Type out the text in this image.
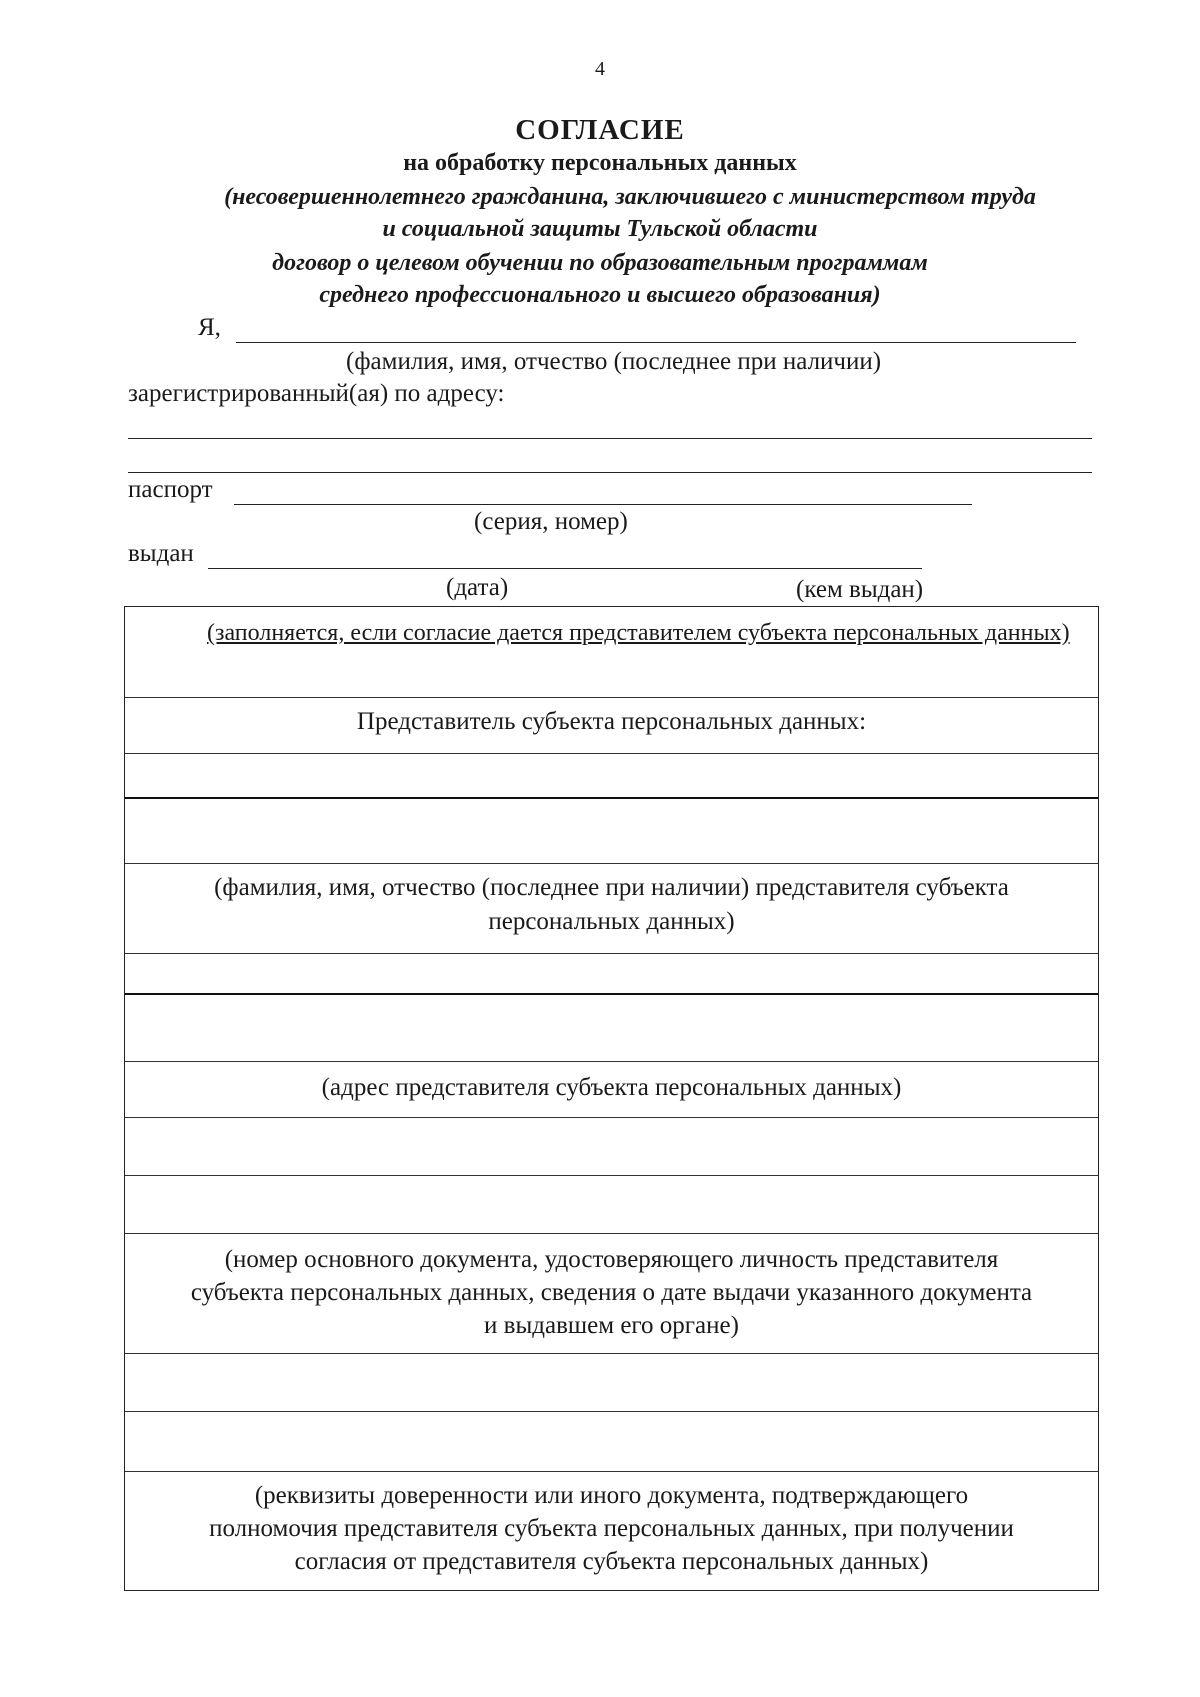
4
СОГЛАСИЕ
на обработку персональных данных
(несовершеннолетнего гражданина, заключившего с министерством труда
и социальной защиты Тульской области
договор о целевом обучении по образовательным программам
среднего профессионального и высшего образования)
Я,
(фамилия, имя, отчество (последнее при наличии)
зарегистрированный(ая) по адресу:
паспорт
(серия, номер)
выдан
(дата)	(кем выдан)
(заполняется, если согласие дается представителем субъекта персональных данных)
Представитель субъекта персональных данных:
(фамилия, имя, отчество (последнее при наличии) представителя субъекта
персональных данных)
(адрес представителя субъекта персональных данных)
(номер основного документа, удостоверяющего личность представителя
субъекта персональных данных, сведения о дате выдачи указанного документа
и выдавшем его органе)
(реквизиты доверенности или иного документа, подтверждающего
полномочия представителя субъекта персональных данных, при получении
согласия от представителя субъекта персональных данных)
